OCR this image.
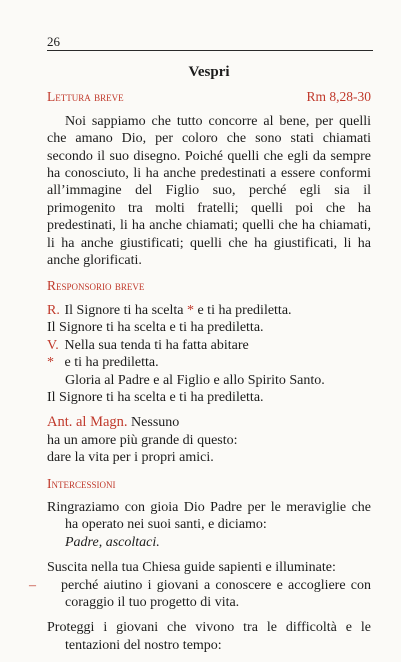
26
Vespri
Lettura breve	Rm 8,28-30

Noi sappiamo che tutto concorre al bene, per quelli che amano Dio, per coloro che sono stati chiamati secondo il suo disegno. Poiché quelli che egli da sempre ha conosciuto, li ha anche predestinati a essere conformi all’immagine del Figlio suo, perché egli sia il primogenito tra molti fratelli; quelli poi che ha predestinati, li ha anche chiamati; quelli che ha chiamati, li ha anche giustificati; quelli che ha giustificati, li ha anche glorificati.

Responsorio breve
R. Il Signore ti ha scelta * e ti ha prediletta.
Il Signore ti ha scelta e ti ha prediletta.
V. Nella sua tenda ti ha fatta abitare
* e ti ha prediletta.
Gloria al Padre e al Figlio e allo Spirito Santo.
Il Signore ti ha scelta e ti ha prediletta.
Ant. al Magn. Nessuno
ha un amore più grande di questo:
dare la vita per i propri amici.
Intercessioni
Ringraziamo con gioia Dio Padre per le meraviglie che ha operato nei suoi santi, e diciamo:
Padre, ascoltaci.
Suscita nella tua Chiesa guide sapienti e illuminate:
– perché aiutino i giovani a conoscere e accogliere con coraggio il tuo progetto di vita.
Proteggi i giovani che vivono tra le difficoltà e le tentazioni del nostro tempo:
